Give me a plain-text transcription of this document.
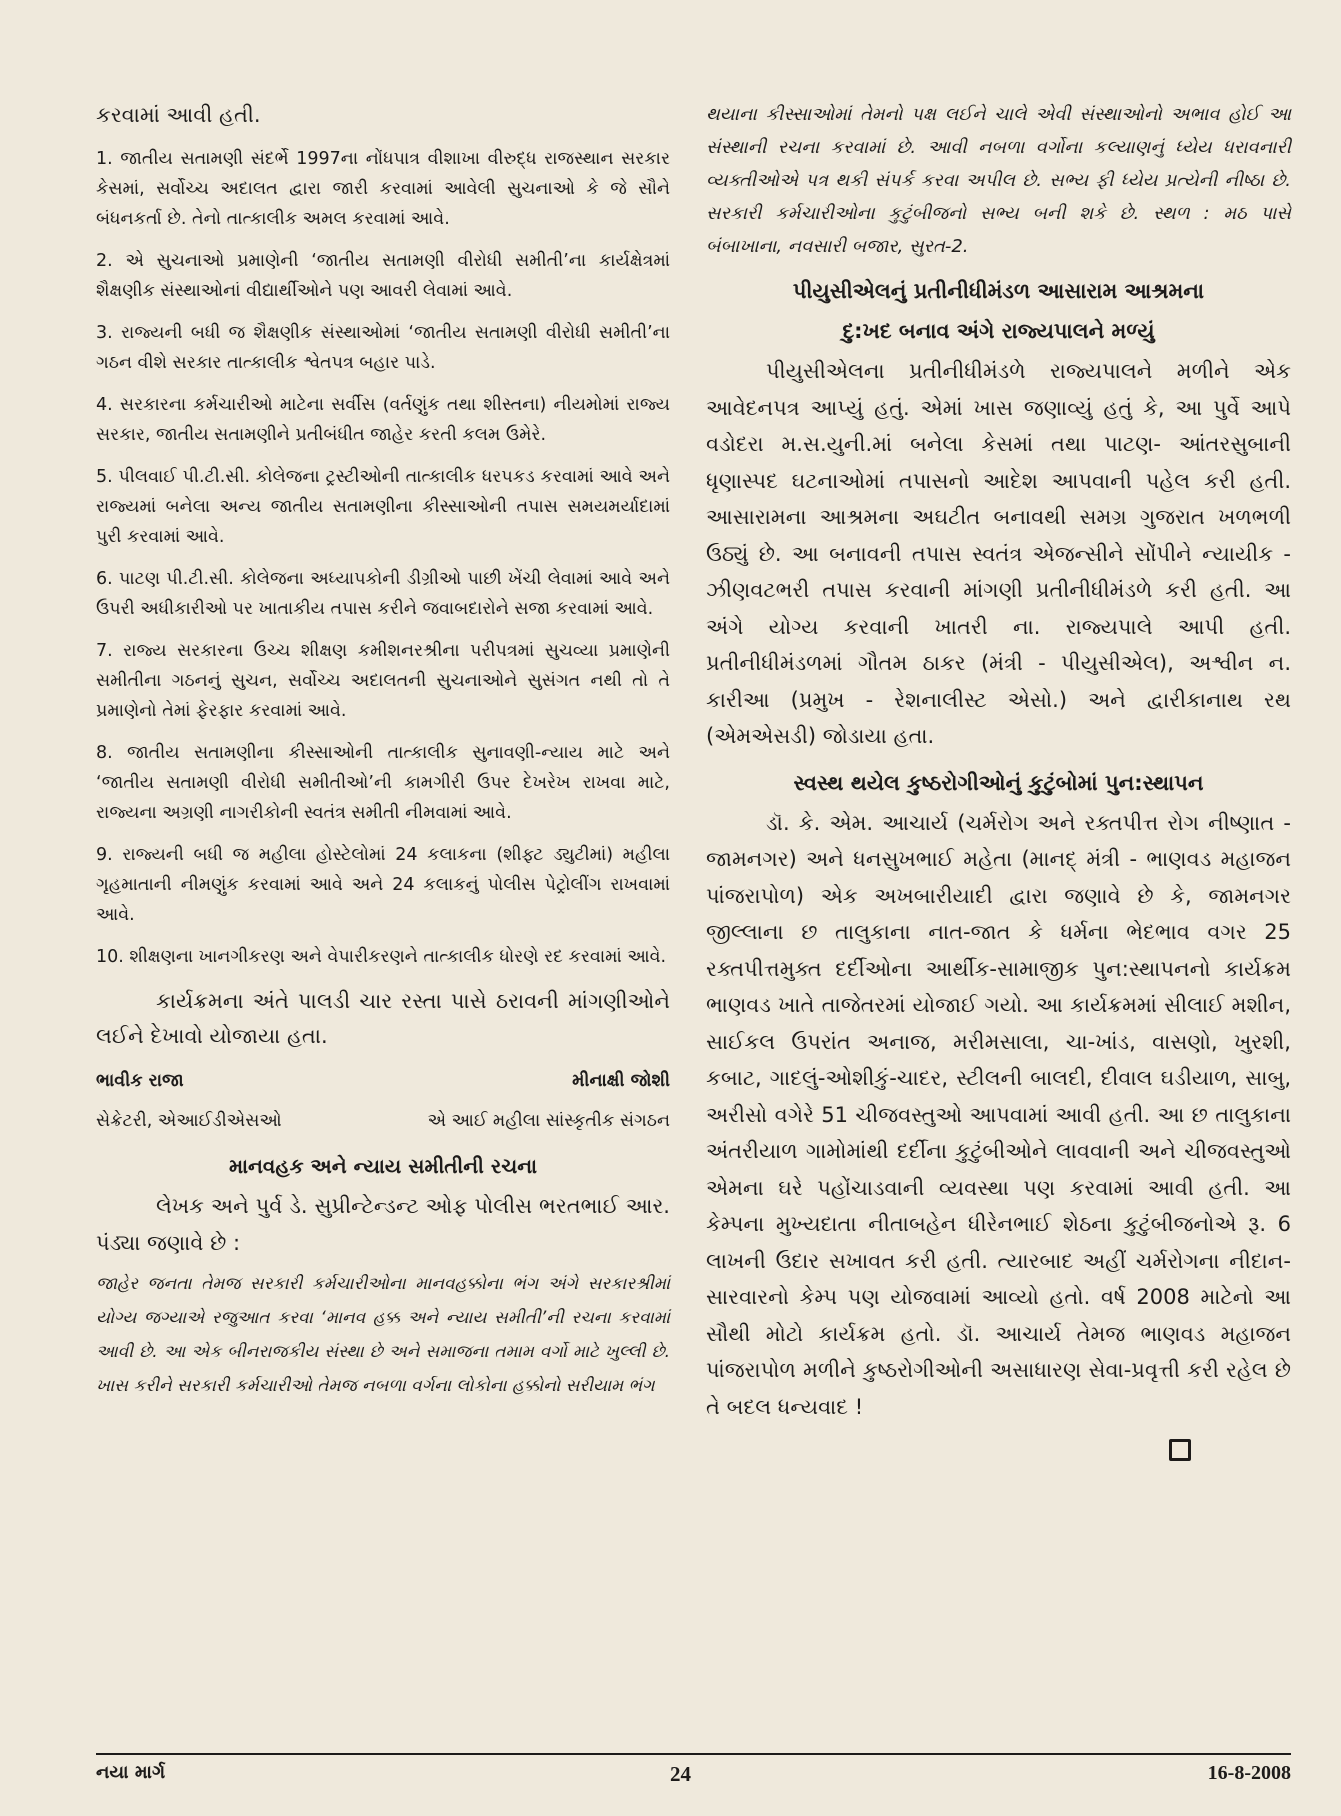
કરવામાં આવી હતી.

1. જાતીય સતામણી સંદર્ભે 1997ના નોંધપાત્ર વીશાખા વીરુદ્ધ રાજસ્થાન સરકાર કેસમાં, સર્વોચ્ચ અદાલત દ્વારા જારી કરવામાં આવેલી સુચનાઓ કે જે સૌને બંધનકર્તા છે. તેનો તાત્કાલીક અમલ કરવામાં આવે.

2. એ સુચનાઓ પ્રમાણેની ‘જાતીય સતામણી વીરોધી સમીતી’ના કાર્યક્ષેત્રમાં શૈક્ષણીક સંસ્થાઓનાં વીદ્યાર્થીઓને પણ આવરી લેવામાં આવે.

3. રાજ્યની બધી જ શૈક્ષણીક સંસ્થાઓમાં ‘જાતીય સતામણી વીરોધી સમીતી’ના ગઠન વીશે સરકાર તાત્કાલીક શ્વેતપત્ર બહાર પાડે.

4. સરકારના કર્મચારીઓ માટેના સર્વીસ (વર્તણુંક તથા શીસ્તના) નીયમોમાં રાજ્ય સરકાર, જાતીય સતામણીને પ્રતીબંધીત જાહેર કરતી કલમ ઉમેરે.

5. પીલવાઈ પી.ટી.સી. કોલેજના ટ્રસ્ટીઓની તાત્કાલીક ધરપકડ કરવામાં આવે અને રાજ્યમાં બનેલા અન્ય જાતીય સતામણીના કીસ્સાઓની તપાસ સમયમર્યાદામાં પુરી કરવામાં આવે.

6. પાટણ પી.ટી.સી. કોલેજના અધ્યાપકોની ડીગ્રીઓ પાછી ખેંચી લેવામાં આવે અને ઉપરી અધીકારીઓ પર ખાતાકીય તપાસ કરીને જવાબદારોને સજા કરવામાં આવે.

7. રાજ્ય સરકારના ઉચ્ચ શીક્ષણ કમીશનરશ્રીના પરીપત્રમાં સુચવ્યા પ્રમાણેની સમીતીના ગઠનનું સુચન, સર્વોચ્ચ અદાલતની સુચનાઓને સુસંગત નથી તો તે પ્રમાણેનો તેમાં ફેરફાર કરવામાં આવે.

8. જાતીય સતામણીના કીસ્સાઓની તાત્કાલીક સુનાવણી-ન્યાય માટે અને ‘જાતીય સતામણી વીરોધી સમીતીઓ’ની કામગીરી ઉપર દેખરેખ રાખવા માટે, રાજ્યના અગ્રણી નાગરીકોની સ્વતંત્ર સમીતી નીમવામાં આવે.

9. રાજ્યની બધી જ મહીલા હોસ્ટેલોમાં 24 કલાકના (શીફ્ટ ડ્યુટીમાં) મહીલા ગૃહમાતાની નીમણુંક કરવામાં આવે અને 24 કલાકનું પોલીસ પેટ્રોલીંગ રાખવામાં આવે.

10. શીક્ષણના ખાનગીકરણ અને વેપારીકરણને તાત્કાલીક ધોરણે રદ કરવામાં આવે.

કાર્યક્રમના અંતે પાલડી ચાર રસ્તા પાસે ઠરાવની માંગણીઓને લઈને દેખાવો યોજાયા હતા.

ભાવીક રાજા	મીનાક્ષી જોશી
સેક્રેટરી, એઆઈડીએસઓ	એ આઈ મહીલા સાંસ્કૃતીક સંગઠન

માનવહક અને ન્યાય સમીતીની રચના

લેખક અને પુર્વ ડે. સુપ્રીન્ટેન્ડન્ટ ઓફ પોલીસ ભરતભાઈ આર. પંડ્યા જણાવે છે :

જાહેર જનતા તેમજ સરકારી કર્મચારીઓના માનવહક્કોના ભંગ અંગે સરકારશ્રીમાં યોગ્ય જગ્યાએ રજુઆત કરવા ‘માનવ હક્ક અને ન્યાય સમીતી’ની રચના કરવામાં આવી છે. આ એક બીનરાજકીય સંસ્થા છે અને સમાજના તમામ વર્ગો માટે ખુલ્લી છે. ખાસ કરીને સરકારી કર્મચારીઓ તેમજ નબળા વર્ગના લોકોના હક્કોનો સરીયામ ભંગ

થયાના કીસ્સાઓમાં તેમનો પક્ષ લઈને ચાલે એવી સંસ્થાઓનો અભાવ હોઈ આ સંસ્થાની રચના કરવામાં છે. આવી નબળા વર્ગોના કલ્યાણનું ધ્યેય ધરાવનારી વ્યક્તીઓએ પત્ર થકી સંપર્ક કરવા અપીલ છે. સભ્ય ફી ધ્યેય પ્રત્યેની નીષ્ઠા છે. સરકારી કર્મચારીઓના કુટુંબીજનો સભ્ય બની શકે છે. સ્થળ : મઠ પાસે બંબાખાના, નવસારી બજાર, સુરત-2.

પીયુસીએલનું પ્રતીનીધીમંડળ આસારામ આશ્રમના

દુ:ખદ બનાવ અંગે રાજ્યપાલને મળ્યું

પીયુસીએલના પ્રતીનીધીમંડળે રાજ્યપાલને મળીને એક આવેદનપત્ર આપ્યું હતું. એમાં ખાસ જણાવ્યું હતું કે, આ પુર્વે આપે વડોદરા મ.સ.યુની.માં બનેલા કેસમાં તથા પાટણ- આંતરસુબાની ધૃણાસ્પદ ઘટનાઓમાં તપાસનો આદેશ આપવાની પહેલ કરી હતી. આસારામના આશ્રમના અઘટીત બનાવથી સમગ્ર ગુજરાત ખળભળી ઉઠ્યું છે. આ બનાવની તપાસ સ્વતંત્ર એજન્સીને સોંપીને ન્યાયીક - ઝીણવટભરી તપાસ કરવાની માંગણી પ્રતીનીધીમંડળે કરી હતી. આ અંગે યોગ્ય કરવાની ખાતરી ના. રાજ્યપાલે આપી હતી. પ્રતીનીધીમંડળમાં ગૌતમ ઠાકર (મંત્રી - પીયુસીએલ), અશ્વીન ન. કારીઆ (પ્રમુખ - રેશનાલીસ્ટ એસો.) અને દ્વારીકાનાથ રથ (એમએસડી) જોડાયા હતા.

સ્વસ્થ થયેલ કુષ્ઠરોગીઓનું કુટુંબોમાં પુન:સ્થાપન

ડૉ. કે. એમ. આચાર્ય (ચર્મરોગ અને રક્તપીત્ત રોગ નીષ્ણાત - જામનગર) અને ધનસુખભાઈ મહેતા (માનદ્ મંત્રી - ભાણવડ મહાજન પાંજરાપોળ) એક અખબારીયાદી દ્વારા જણાવે છે કે, જામનગર જીલ્લાના છ તાલુકાના નાત-જાત કે ધર્મના ભેદભાવ વગર 25 રક્તપીત્તમુક્ત દર્દીઓના આર્થીક-સામાજીક પુન:સ્થાપનનો કાર્યક્રમ ભાણવડ ખાતે તાજેતરમાં યોજાઈ ગયો. આ કાર્યક્રમમાં સીલાઈ મશીન, સાઈકલ ઉપરાંત અનાજ, મરીમસાલા, ચા-ખાંડ, વાસણો, ખુરશી, કબાટ, ગાદલું-ઓશીકું-ચાદર, સ્ટીલની બાલદી, દીવાલ ઘડીયાળ, સાબુ, અરીસો વગેરે 51 ચીજવસ્તુઓ આપવામાં આવી હતી. આ છ તાલુકાના અંતરીયાળ ગામોમાંથી દર્દીના કુટુંબીઓને લાવવાની અને ચીજવસ્તુઓ એમના ઘરે પહોંચાડવાની વ્યવસ્થા પણ કરવામાં આવી હતી. આ કેમ્પના મુખ્યદાતા નીતાબહેન ધીરેનભાઈ શેઠના કુટુંબીજનોએ રૂ. 6 લાખની ઉદાર સખાવત કરી હતી. ત્યારબાદ અહીં ચર્મરોગના નીદાન-સારવારનો કેમ્પ પણ યોજવામાં આવ્યો હતો. વર્ષ 2008 માટેનો આ સૌથી મોટો કાર્યક્રમ હતો. ડૉ. આચાર્ય તેમજ ભાણવડ મહાજન પાંજરાપોળ મળીને કુષ્ઠરોગીઓની અસાધારણ સેવા-પ્રવૃત્તી કરી રહેલ છે તે બદલ ધન્યવાદ !

નયા માર્ગ	24	16-8-2008
